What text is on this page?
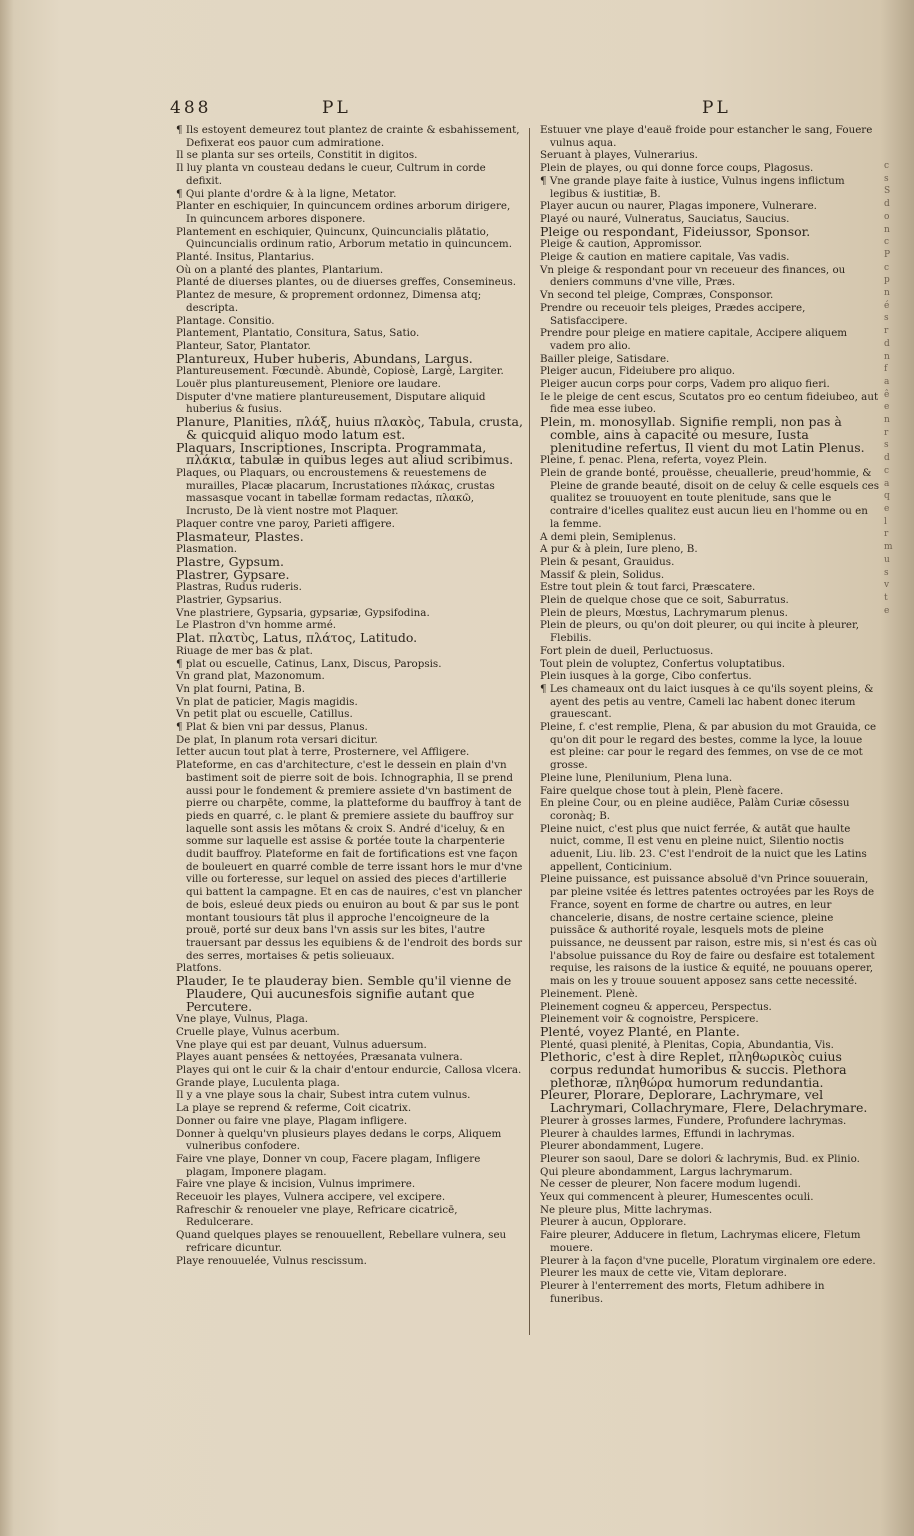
488	PL	PL

¶ Ils estoyent demeurez tout plantez de crainte & esbahissement, Defixerat eos pauor cum admiratione.

Il se planta sur ses orteils, Constitit in digitos.

Il luy planta vn cousteau dedans le cueur, Cultrum in corde defixit.

¶ Qui plante d'ordre & à la ligne, Metator.

Planter en eschiquier, In quincuncem ordines arborum dirigere, In quincuncem arbores disponere.

Plantement en eschiquier, Quincunx, Quincuncialis plātatio, Quincuncialis ordinum ratio, Arborum metatio in quincuncem.

Planté. Insitus, Plantarius.

Où on a planté des plantes, Plantarium.

Planté de diuerses plantes, ou de diuerses greffes, Consemineus.

Plantez de mesure, & proprement ordonnez, Dimensa atq; descripta.

Plantage. Consitio.

Plantement, Plantatio, Consitura, Satus, Satio.

Planteur, Sator, Plantator.

Plantureux, Huber huberis, Abundans, Largus.

Plantureusement. Fœcundè. Abundè, Copiosè, Largè, Largiter.

Louër plus plantureusement, Pleniore ore laudare.

Disputer d'vne matiere plantureusement, Disputare aliquid huberius & fusius.

Planure, Planities, πλάξ, huius πλακὸς, Tabula, crusta, & quicquid aliquo modo latum est.

Plaquars, Inscriptiones, Inscripta. Programmata, πλάκια, tabulæ in quibus leges aut aliud scribimus.

Plaques, ou Plaquars, ou encroustemens & reuestemens de murailles, Placæ placarum, Incrustationes πλάκας, crustas massasque vocant in tabellæ formam redactas, πλακῶ, Incrusto, De là vient nostre mot Plaquer.

Plaquer contre vne paroy, Parieti affigere.

Plasmateur, Plastes.

Plasmation.

Plastre, Gypsum.

Plastrer, Gypsare.

Plastras, Rudus ruderis.

Plastrier, Gypsarius.

Vne plastriere, Gypsaria, gypsariæ, Gypsifodina.

Le Plastron d'vn homme armé.

Plat. πλατὺς, Latus, πλάτος, Latitudo.

Riuage de mer bas & plat.

¶ plat ou escuelle, Catinus, Lanx, Discus, Paropsis.

Vn grand plat, Mazonomum.

Vn plat fourni, Patina, B.

Vn plat de paticier, Magis magidis.

Vn petit plat ou escuelle, Catillus.

¶ Plat & bien vni par dessus, Planus.

De plat, In planum rota versari dicitur.

Ietter aucun tout plat à terre, Prosternere, vel Affligere.

Plateforme, en cas d'architecture, c'est le dessein en plain d'vn bastiment soit de pierre soit de bois. Ichnographia, Il se prend aussi pour le fondement & premiere assiete d'vn bastiment de pierre ou charpēte, comme, la platteforme du bauffroy à tant de pieds en quarré, c. le plant & premiere assiete du bauffroy sur laquelle sont assis les mōtans & croix S. André d'iceluy, & en somme sur laquelle est assise & portée toute la charpenterie dudit bauffroy. Plateforme en fait de fortifications est vne façon de bouleuert en quarré comble de terre issant hors le mur d'vne ville ou forteresse, sur lequel on assied des pieces d'artillerie qui battent la campagne. Et en cas de nauires, c'est vn plancher de bois, esleué deux pieds ou enuiron au bout & par sus le pont montant tousiours tāt plus il approche l'encoigneure de la prouë, porté sur deux bans l'vn assis sur les bites, l'autre trauersant par dessus les equibiens & de l'endroit des bords sur des serres, mortaises & petis solieuaux.

Platfons.

Plauder, Ie te plauderay bien. Semble qu'il vienne de Plaudere, Qui aucunesfois signifie autant que Percutere.

Vne playe, Vulnus, Plaga.

Cruelle playe, Vulnus acerbum.

Vne playe qui est par deuant, Vulnus aduersum.

Playes auant pensées & nettoyées, Præsanata vulnera.

Playes qui ont le cuir & la chair d'entour endurcie, Callosa vlcera.

Grande playe, Luculenta plaga.

Il y a vne playe sous la chair, Subest intra cutem vulnus.

La playe se reprend & referme, Coit cicatrix.

Donner ou faire vne playe, Plagam infligere.

Donner à quelqu'vn plusieurs playes dedans le corps, Aliquem vulneribus confodere.

Faire vne playe, Donner vn coup, Facere plagam, Infligere plagam, Imponere plagam.

Faire vne playe & incision, Vulnus imprimere.

Receuoir les playes, Vulnera accipere, vel excipere.

Rafreschir & renoueler vne playe, Refricare cicatricē, Redulcerare.

Quand quelques playes se renouuellent, Rebellare vulnera, seu refricare dicuntur.

Playe renouuelée, Vulnus rescissum.

Estuuer vne playe d'eauë froide pour estancher le sang, Fouere vulnus aqua.

Seruant à playes, Vulnerarius.

Plein de playes, ou qui donne force coups, Plagosus.

¶ Vne grande playe faite à iustice, Vulnus ingens inflictum legibus & iustitiæ, B.

Player aucun ou naurer, Plagas imponere, Vulnerare.

Playé ou nauré, Vulneratus, Sauciatus, Saucius.

Pleige ou respondant, Fideiussor, Sponsor.

Pleige & caution, Appromissor.

Pleige & caution en matiere capitale, Vas vadis.

Vn pleige & respondant pour vn receueur des finances, ou deniers communs d'vne ville, Præs.

Vn second tel pleige, Compræs, Consponsor.

Prendre ou receuoir tels pleiges, Prædes accipere, Satisfaccipere.

Prendre pour pleige en matiere capitale, Accipere aliquem vadem pro alio.

Bailler pleige, Satisdare.

Pleiger aucun, Fideiubere pro aliquo.

Pleiger aucun corps pour corps, Vadem pro aliquo fieri.

Ie le pleige de cent escus, Scutatos pro eo centum fideiubeo, aut fide mea esse iubeo.

Plein, m. monosyllab. Signifie rempli, non pas à comble, ains à capacité ou mesure, Iusta plenitudine refertus, Il vient du mot Latin Plenus.

Pleine, f. penac. Plena, referta, voyez Plein.

Plein de grande bonté, prouësse, cheuallerie, preud'hommie, & Pleine de grande beauté, disoit on de celuy & celle esquels ces qualitez se trouuoyent en toute plenitude, sans que le contraire d'icelles qualitez eust aucun lieu en l'homme ou en la femme.

A demi plein, Semiplenus.

A pur & à plein, Iure pleno, B.

Plein & pesant, Grauidus.

Massif & plein, Solidus.

Estre tout plein & tout farci, Præscatere.

Plein de quelque chose que ce soit, Saburratus.

Plein de pleurs, Mœstus, Lachrymarum plenus.

Plein de pleurs, ou qu'on doit pleurer, ou qui incite à pleurer, Flebilis.

Fort plein de dueil, Perluctuosus.

Tout plein de voluptez, Confertus voluptatibus.

Plein iusques à la gorge, Cibo confertus.

¶ Les chameaux ont du laict iusques à ce qu'ils soyent pleins, & ayent des petis au ventre, Cameli lac habent donec iterum grauescant.

Pleine, f. c'est remplie, Plena, & par abusion du mot Grauida, ce qu'on dit pour le regard des bestes, comme la lyce, la louue est pleine: car pour le regard des femmes, on vse de ce mot grosse.

Pleine lune, Plenilunium, Plena luna.

Faire quelque chose tout à plein, Plenè facere.

En pleine Cour, ou en pleine audiēce, Palàm Curiæ cōsessu coronàq; B.

Pleine nuict, c'est plus que nuict ferrée, & autāt que haulte nuict, comme, Il est venu en pleine nuict, Silentio noctis aduenit, Liu. lib. 23. C'est l'endroit de la nuict que les Latins appellent, Conticinium.

Pleine puissance, est puissance absoluë d'vn Prince souuerain, par pleine vsitée és lettres patentes octroyées par les Roys de France, soyent en forme de chartre ou autres, en leur chancelerie, disans, de nostre certaine science, pleine puissāce & authorité royale, lesquels mots de pleine puissance, ne deussent par raison, estre mis, si n'est és cas où l'absolue puissance du Roy de faire ou desfaire est totalement requise, les raisons de la iustice & equité, ne pouuans operer, mais on les y trouue souuent apposez sans cette necessité.

Pleinement. Plenè.

Pleinement cogneu & apperceu, Perspectus.

Pleinement voir & cognoistre, Perspicere.

Plenté, voyez Planté, en Plante.

Plenté, quasi plenité, à Plenitas, Copia, Abundantia, Vis.

Plethoric, c'est à dire Replet, πληθωρικὸς cuius corpus redundat humoribus & succis. Plethora plethoræ, πληθώρα humorum redundantia.

Pleurer, Plorare, Deplorare, Lachrymare, vel Lachrymari, Collachrymare, Flere, Delachrymare.

Pleurer à grosses larmes, Fundere, Profundere lachrymas.

Pleurer à chauldes larmes, Effundi in lachrymas.

Pleurer abondamment, Lugere.

Pleurer son saoul, Dare se dolori & lachrymis, Bud. ex Plinio.

Qui pleure abondamment, Largus lachrymarum.

Ne cesser de pleurer, Non facere modum lugendi.

Yeux qui commencent à pleurer, Humescentes oculi.

Ne pleure plus, Mitte lachrymas.

Pleurer à aucun, Opplorare.

Faire pleurer, Adducere in fletum, Lachrymas elicere, Fletum mouere.

Pleurer à la façon d'vne pucelle, Ploratum virginalem ore edere.

Pleurer les maux de cette vie, Vitam deplorare.

Pleurer à l'enterrement des morts, Fletum adhibere in funeribus.

c
s
S
d
o
n
c
P
c
p
n
é
s
r
d
n
f
a
ê
e
n
r
s
d
c
a
q
e
l
r
m
u
s
v
t
e
